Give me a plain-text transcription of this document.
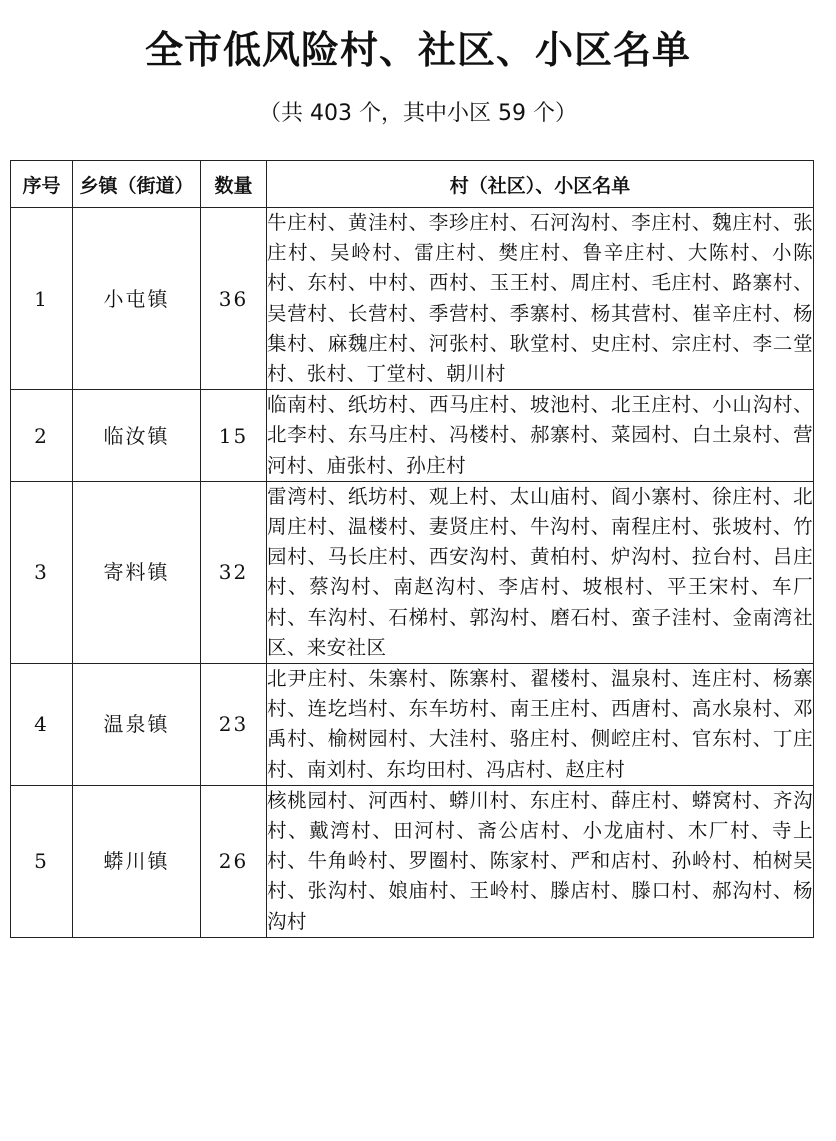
全市低风险村、社区、小区名单
（共 403 个，其中小区 59 个）
序号	乡镇（街道）	数量	村（社区）、小区名单
1	小屯镇	36	牛庄村、黄洼村、李珍庄村、石河沟村、李庄村、魏庄村、张庄村、吴岭村、雷庄村、樊庄村、鲁辛庄村、大陈村、小陈村、东村、中村、西村、玉王村、周庄村、毛庄村、路寨村、吴营村、长营村、季营村、季寨村、杨其营村、崔辛庄村、杨集村、麻魏庄村、河张村、耿堂村、史庄村、宗庄村、李二堂村、张村、丁堂村、朝川村
2	临汝镇	15	临南村、纸坊村、西马庄村、坡池村、北王庄村、小山沟村、北李村、东马庄村、冯楼村、郝寨村、菜园村、白土泉村、营河村、庙张村、孙庄村
3	寄料镇	32	雷湾村、纸坊村、观上村、太山庙村、阎小寨村、徐庄村、北周庄村、温楼村、妻贤庄村、牛沟村、南程庄村、张坡村、竹园村、马长庄村、西安沟村、黄柏村、炉沟村、拉台村、吕庄村、蔡沟村、南赵沟村、李店村、坡根村、平王宋村、车厂村、车沟村、石梯村、郭沟村、磨石村、蛮子洼村、金南湾社区、来安社区
4	温泉镇	23	北尹庄村、朱寨村、陈寨村、翟楼村、温泉村、连庄村、杨寨村、连圪垱村、东车坊村、南王庄村、西唐村、高水泉村、邓禹村、榆树园村、大洼村、骆庄村、侧崆庄村、官东村、丁庄村、南刘村、东均田村、冯店村、赵庄村
5	蟒川镇	26	核桃园村、河西村、蟒川村、东庄村、薛庄村、蟒窝村、齐沟村、戴湾村、田河村、斋公店村、小龙庙村、木厂村、寺上村、牛角岭村、罗圈村、陈家村、严和店村、孙岭村、柏树吴村、张沟村、娘庙村、王岭村、滕店村、滕口村、郝沟村、杨沟村
